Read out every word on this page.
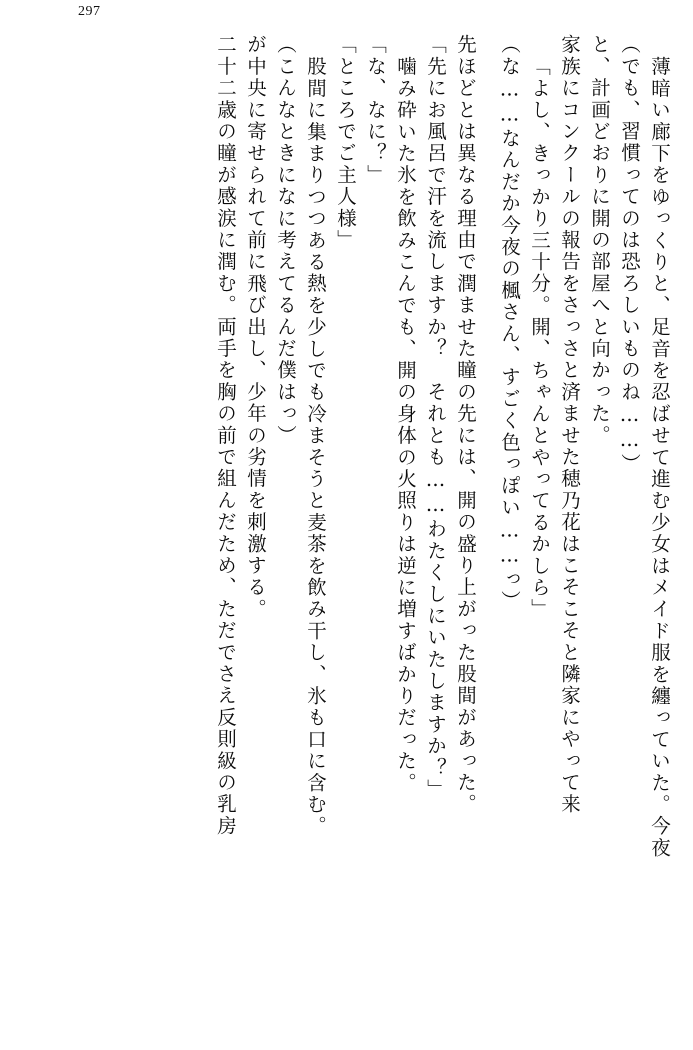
297
二十二歳の瞳が感涙に潤む。両手を胸の前で組んだため、ただでさえ反則級の乳房 が中央に寄せられて前に飛び出し、少年の劣情を刺激する。 （こんなときになに考えてるんだ僕はっ） 股間に集まりつつある熱を少しでも冷まそうと麦茶を飲み干し、氷も口に含む。 「ところでご主人様」 「な、なに？」 噛み砕いた氷を飲みこんでも、開の身体の火照りは逆に増すばかりだった。 「先にお風呂で汗を流しますか？　それとも……わたくしにいたしますか？」 先ほどとは異なる理由で潤ませた瞳の先には、開の盛り上がった股間があった。	（な……なんだか今夜の楓さん、すごく色っぽい……っ） 「よし、きっかり三十分。開、ちゃんとやってるかしら」 家族にコンクールの報告をさっさと済ませた穂乃花はこそこそと隣家にやって来 と、計画どおりに開の部屋へと向かった。 （でも、習慣ってのは恐ろしいものね……） 薄暗い廊下をゆっくりと、足音を忍ばせて進む少女はメイド服を纏っていた。今夜
